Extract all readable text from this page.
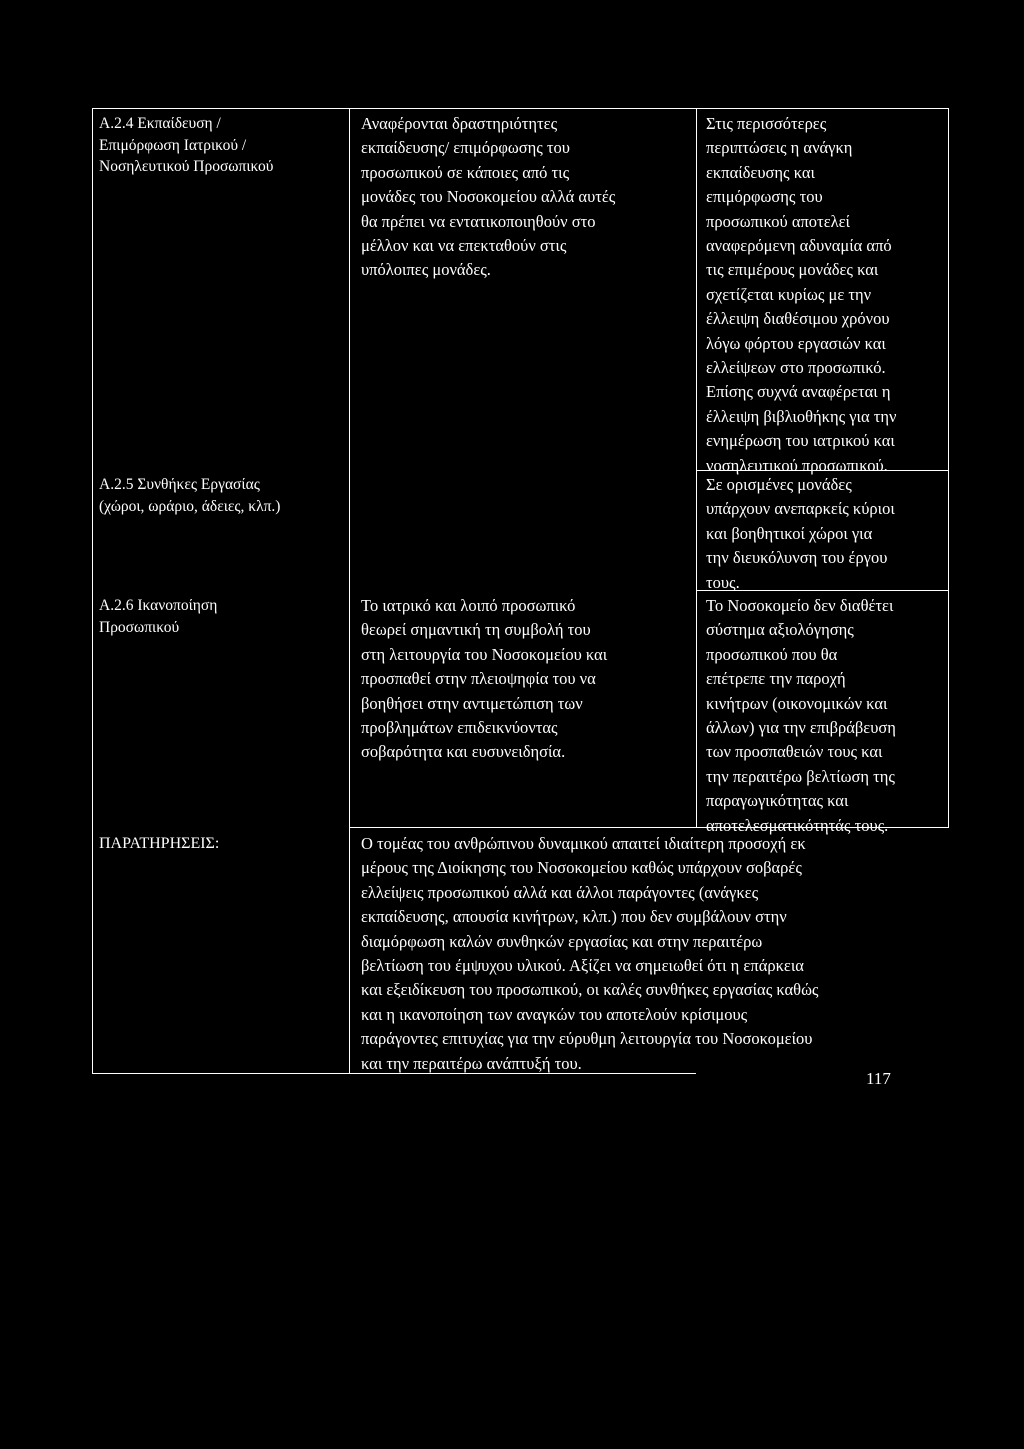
A.2.4 Εκπαίδευση /
Επιμόρφωση Ιατρικού /
Νοσηλευτικού Προσωπικού
Αναφέρονται δραστηριότητες
εκπαίδευσης/ επιμόρφωσης του
προσωπικού σε κάποιες από τις
μονάδες του Νοσοκομείου αλλά αυτές
θα πρέπει να εντατικοποιηθούν στο
μέλλον και να επεκταθούν στις
υπόλοιπες μονάδες.
Στις περισσότερες
περιπτώσεις η ανάγκη
εκπαίδευσης και
επιμόρφωσης του
προσωπικού αποτελεί
αναφερόμενη αδυναμία από
τις επιμέρους μονάδες και
σχετίζεται κυρίως με την
έλλειψη διαθέσιμου χρόνου
λόγω φόρτου εργασιών και
ελλείψεων στο προσωπικό.
Επίσης συχνά αναφέρεται η
έλλειψη βιβλιοθήκης για την
ενημέρωση του ιατρικού και
νοσηλευτικού προσωπικού.
A.2.5 Συνθήκες Εργασίας
(χώροι, ωράριο, άδειες, κλπ.)
Σε ορισμένες μονάδες
υπάρχουν ανεπαρκείς κύριοι
και βοηθητικοί χώροι για
την διευκόλυνση του έργου
τους.
A.2.6 Ικανοποίηση
Προσωπικού
Το ιατρικό και λοιπό προσωπικό
θεωρεί σημαντική τη συμβολή του
στη λειτουργία του Νοσοκομείου και
προσπαθεί στην πλειοψηφία του να
βοηθήσει στην αντιμετώπιση των
προβλημάτων επιδεικνύοντας
σοβαρότητα και ευσυνειδησία.
Το Νοσοκομείο δεν διαθέτει
σύστημα αξιολόγησης
προσωπικού που θα
επέτρεπε την παροχή
κινήτρων (οικονομικών και
άλλων) για την επιβράβευση
των προσπαθειών τους και
την περαιτέρω βελτίωση της
παραγωγικότητας και
αποτελεσματικότητάς τους.
ΠΑΡΑΤΗΡΗΣΕΙΣ:	Ο τομέας του ανθρώπινου δυναμικού απαιτεί ιδιαίτερη προσοχή εκ
μέρους της Διοίκησης του Νοσοκομείου καθώς υπάρχουν σοβαρές
ελλείψεις προσωπικού αλλά και άλλοι παράγοντες (ανάγκες
εκπαίδευσης, απουσία κινήτρων, κλπ.) που δεν συμβάλουν στην
διαμόρφωση καλών συνθηκών εργασίας και στην περαιτέρω
βελτίωση του έμψυχου υλικού. Αξίζει να σημειωθεί ότι η επάρκεια
και εξειδίκευση του προσωπικού, οι καλές συνθήκες εργασίας καθώς
και η ικανοποίηση των αναγκών του αποτελούν κρίσιμους
παράγοντες επιτυχίας για την εύρυθμη λειτουργία του Νοσοκομείου
και την περαιτέρω ανάπτυξή του.
117
